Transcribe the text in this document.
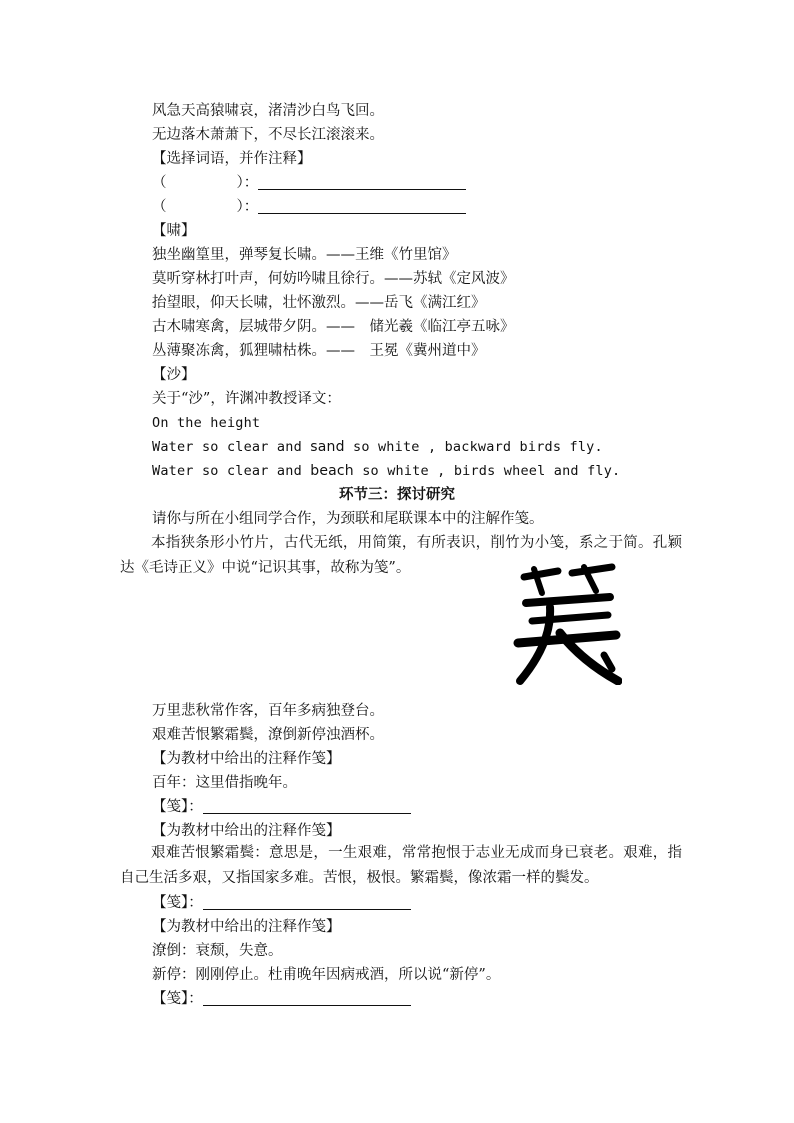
风急天高猿啸哀，渚清沙白鸟飞回。
无边落木萧萧下，不尽长江滚滚来。
【选择词语，并作注释】
（	）：
（	）：
【啸】
独坐幽篁里，弹琴复长啸。——王维《竹里馆》
莫听穿林打叶声，何妨吟啸且徐行。——苏轼《定风波》
抬望眼，仰天长啸，壮怀激烈。——岳飞《满江红》
古木啸寒禽，层城带夕阴。——　储光羲《临江亭五咏》
丛薄聚冻禽，狐狸啸枯株。——　王冕《冀州道中》
【沙】
关于“沙”，许渊冲教授译文：
On the height
Water so clear and sand so white , backward birds fly.
Water so clear and beach so white , birds wheel and fly.
环节三：探讨研究
请你与所在小组同学合作，为颈联和尾联课本中的注解作笺。
本指狭条形小竹片，古代无纸，用简策，有所表识，削竹为小笺，系之于简。孔颖达《毛诗正义》中说“记识其事，故称为笺”。
万里悲秋常作客，百年多病独登台。
艰难苦恨繁霜鬓，潦倒新停浊酒杯。
【为教材中给出的注释作笺】
百年：这里借指晚年。
【笺】：
【为教材中给出的注释作笺】
艰难苦恨繁霜鬓：意思是，一生艰难，常常抱恨于志业无成而身已衰老。艰难，指自己生活多艰，又指国家多难。苦恨，极恨。繁霜鬓，像浓霜一样的鬓发。
【笺】：
【为教材中给出的注释作笺】
潦倒：衰颓，失意。
新停：刚刚停止。杜甫晚年因病戒酒，所以说“新停”。
【笺】：
